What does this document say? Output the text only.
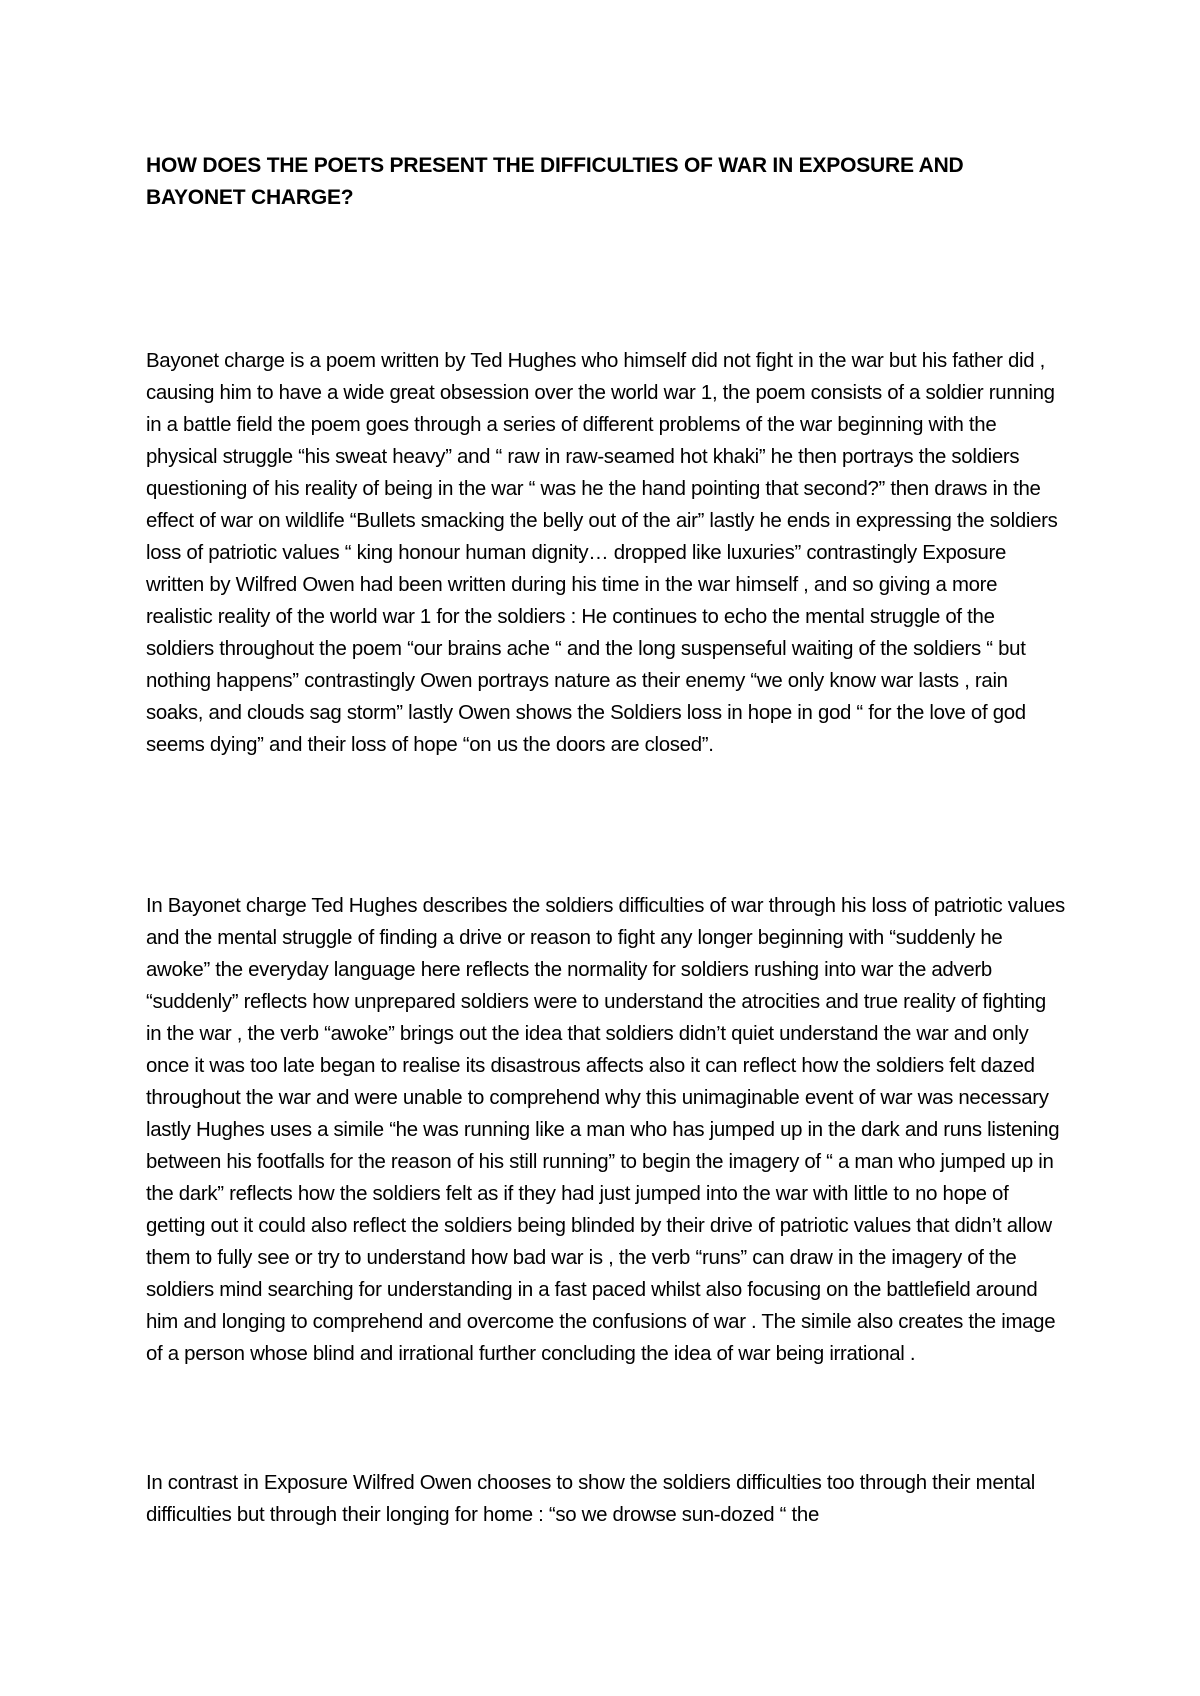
HOW DOES THE POETS PRESENT THE DIFFICULTIES OF WAR IN EXPOSURE AND BAYONET CHARGE?

Bayonet charge is a poem written by Ted Hughes who himself did not fight in the war but his father did , causing him to have a wide great obsession over the world war 1, the poem consists of a soldier running in a battle field the poem goes through a series of different problems of the war beginning with the physical struggle “his sweat heavy” and “ raw in raw-seamed hot khaki” he then portrays the soldiers questioning of his reality of being in the war “ was he the hand pointing that second?” then draws in the effect of war on wildlife “Bullets smacking the belly out of the air” lastly he ends in expressing the soldiers loss of patriotic values “ king honour human dignity… dropped like luxuries” contrastingly Exposure written by Wilfred Owen had been written during his time in the war himself , and so giving a more realistic reality of the world war 1 for the soldiers : He continues to echo the mental struggle of the soldiers throughout the poem “our brains ache “ and the long suspenseful waiting of the soldiers “ but nothing happens” contrastingly Owen portrays nature as their enemy “we only know war lasts , rain soaks, and clouds sag storm” lastly Owen shows the Soldiers loss in hope in god “ for the love of god seems dying” and their loss of hope “on us the doors are closed”.

In Bayonet charge Ted Hughes describes the soldiers difficulties of war through his loss of patriotic values and the mental struggle of finding a drive or reason to fight any longer beginning with “suddenly he awoke” the everyday language here reflects the normality for soldiers rushing into war the adverb “suddenly” reflects how unprepared soldiers were to understand the atrocities and true reality of fighting in the war , the verb “awoke” brings out the idea that soldiers didn’t quiet understand the war and only once it was too late began to realise its disastrous affects also it can reflect how the soldiers felt dazed throughout the war and were unable to comprehend why this unimaginable event of war was necessary lastly Hughes uses a simile “he was running like a man who has jumped up in the dark and runs listening between his footfalls for the reason of his still running” to begin the imagery of “ a man who jumped up in the dark” reflects how the soldiers felt as if they had just jumped into the war with little to no hope of getting out it could also reflect the soldiers being blinded by their drive of patriotic values that didn’t allow them to fully see or try to understand how bad war is , the verb “runs” can draw in the imagery of the soldiers mind searching for understanding in a fast paced whilst also focusing on the battlefield around him and longing to comprehend and overcome the confusions of war . The simile also creates the image of a person whose blind and irrational further concluding the idea of war being irrational .

In contrast in Exposure Wilfred Owen chooses to show the soldiers difficulties too through their mental difficulties but through their longing for home : “so we drowse sun-dozed “ the
